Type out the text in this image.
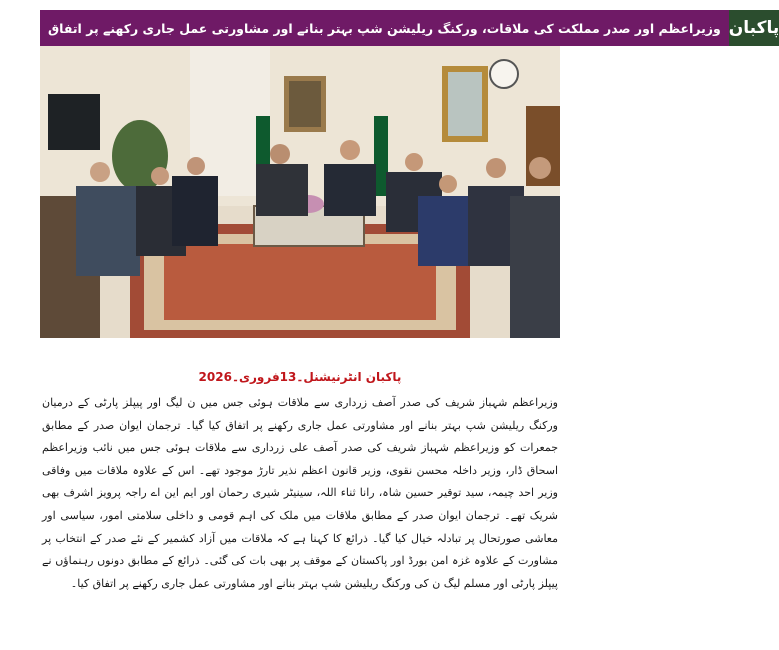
وزیراعظم اور صدر مملکت کی ملاقات، ورکنگ ریلیشن شپ بہتر بنانے اور مشاورتی عمل جاری رکھنے پر اتفاق پاکبان
پاکبان انٹرنیشنل۔13فروری۔2026
وزیراعظم شہباز شریف کی صدر آصف زرداری سے ملاقات ہوئی جس میں ن لیگ اور پیپلز پارٹی کے درمیان ورکنگ ریلیشن شپ بہتر بنانے اور مشاورتی عمل جاری رکھنے پر اتفاق کیا گیا۔ ترجمان ایوان صدر کے مطابق جمعرات کو وزیراعظم شہباز شریف کی صدر آصف علی زرداری سے ملاقات ہوئی جس میں نائب وزیراعظم اسحاق ڈار، وزیر داخلہ محسن نقوی، وزیر قانون اعظم نذیر تارڑ موجود تھے۔ اس کے علاوہ ملاقات میں وفاقی وزیر احد چیمہ، سید توقیر حسین شاہ، رانا ثناء اللہ، سینیٹر شیری رحمان اور ایم این اے راجہ پرویز اشرف بھی شریک تھے۔ ترجمان ایوان صدر کے مطابق ملاقات میں ملک کی اہم قومی و داخلی سلامتی امور، سیاسی اور معاشی صورتحال پر تبادلہ خیال کیا گیا۔ ذرائع کا کہنا ہے کہ ملاقات میں آزاد کشمیر کے نئے صدر کے انتخاب پر مشاورت کے علاوہ غزہ امن بورڈ اور پاکستان کے موقف پر بھی بات کی گئی۔ ذرائع کے مطابق دونوں رہنماؤں نے پیپلز پارٹی اور مسلم لیگ ن کی ورکنگ ریلیشن شپ بہتر بنانے اور مشاورتی عمل جاری رکھنے پر اتفاق کیا۔
